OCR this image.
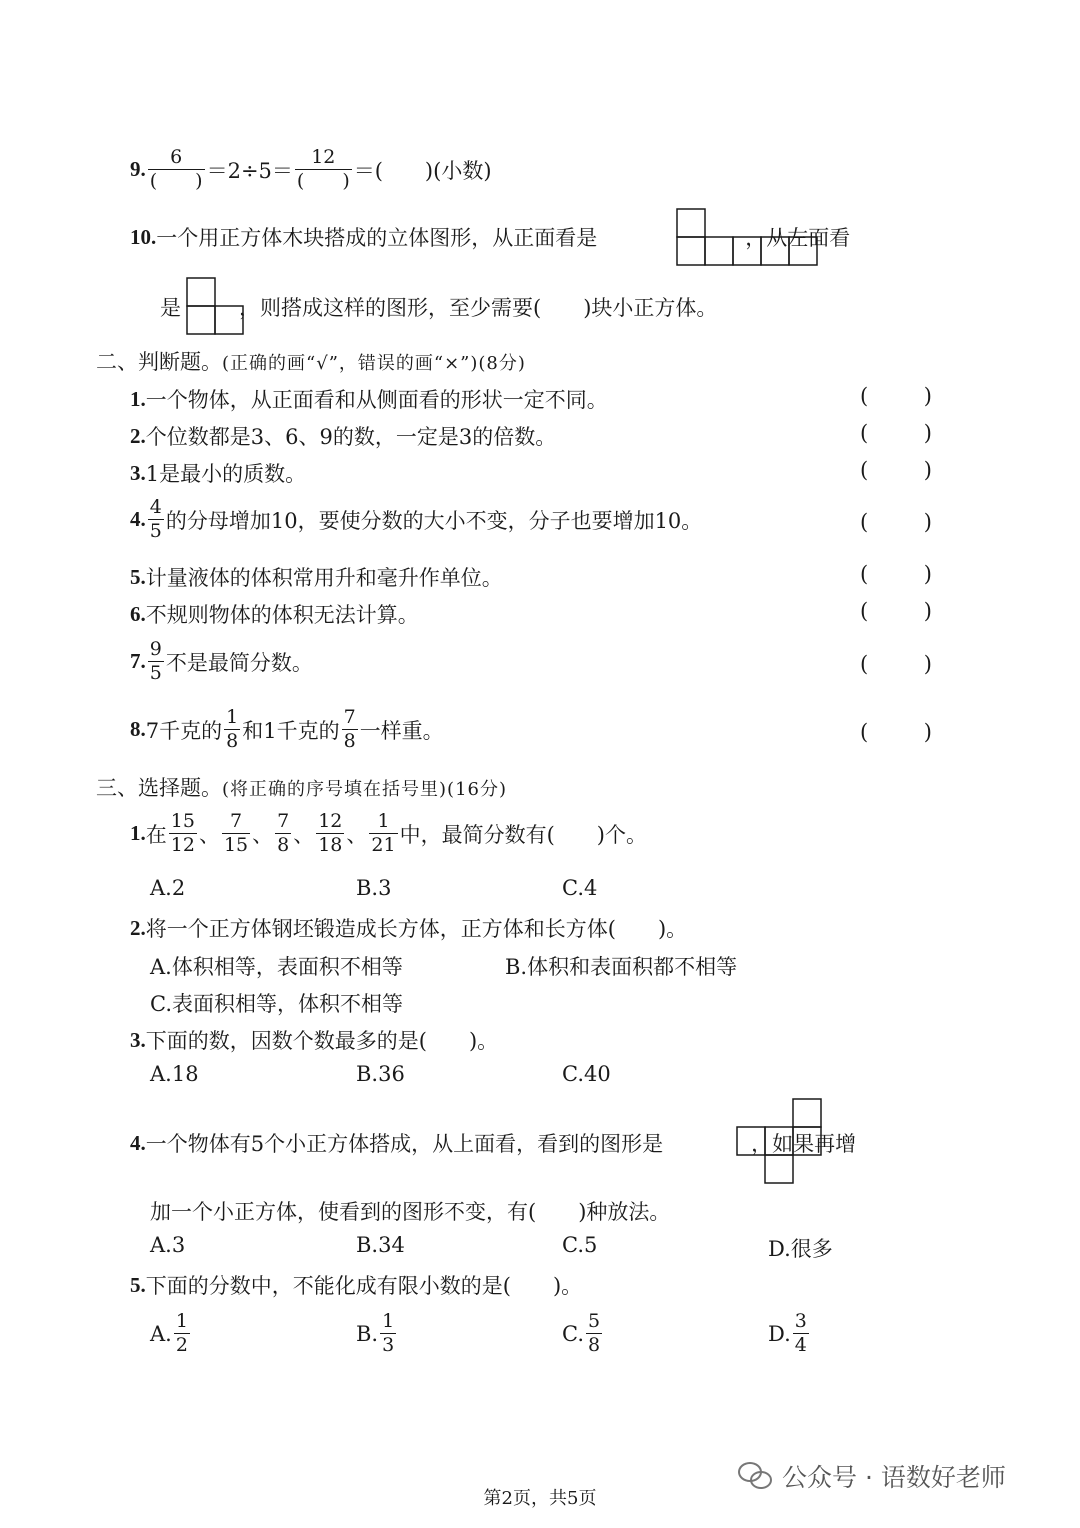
9. $\frac{6}{( )} =2\div 5= \frac{12}{( )}$ ＝(　　)(小数)
10. 一个用正方体木块搭成的立体图形，从正面看是	，从左面看
是	，则搭成这样的图形，至少需要(　　)块小正方体。
二、判断题。(正确的画“√”，错误的画“×”)(8分)
1. 一个物体，从正面看和从侧面看的形状一定不同。	(	)
2. 个位数都是3、6、9的数，一定是3的倍数。	(	)
3. 1是最小的质数。	(	)
4. $\frac{4}{5}$ 的分母增加10，要使分数的大小不变，分子也要增加10。	(	)
5. 计量液体的体积常用升和毫升作单位。	(	)
6. 不规则物体的体积无法计算。	(	)
7. $\frac{9}{5}$ 不是最简分数。	(	)
8. 7千克的 $\frac{1}{8}$ 和1千克的 $\frac{7}{8}$ 一样重。	(	)
三、选择题。(将正确的序号填在括号里)(16分)
1. 在 $\frac{15}{12}$ 、 $\frac{7}{15}$ 、 $\frac{7}{8}$ 、 $\frac{12}{18}$ 、 $\frac{1}{21}$ 中，最简分数有(　　)个。
A.2	B.3	C.4
2. 将一个正方体钢坯锻造成长方体，正方体和长方体(　　)。
A.体积相等，表面积不相等	B.体积和表面积都不相等
C.表面积相等，体积不相等
3. 下面的数，因数个数最多的是(　　)。
A.18	B.36	C.40
4. 一个物体有5个小正方体搭成，从上面看，看到的图形是	，如果再增
加一个小正方体，使看到的图形不变，有(　　)种放法。
A.3	B.34	C.5	D.很多
5. 下面的分数中，不能化成有限小数的是(　　)。
A. $\frac{1}{2}$	B. $\frac{1}{3}$	C. $\frac{5}{8}$	D. $\frac{3}{4}$
公众号 · 语数好老师
第2页，共5页
